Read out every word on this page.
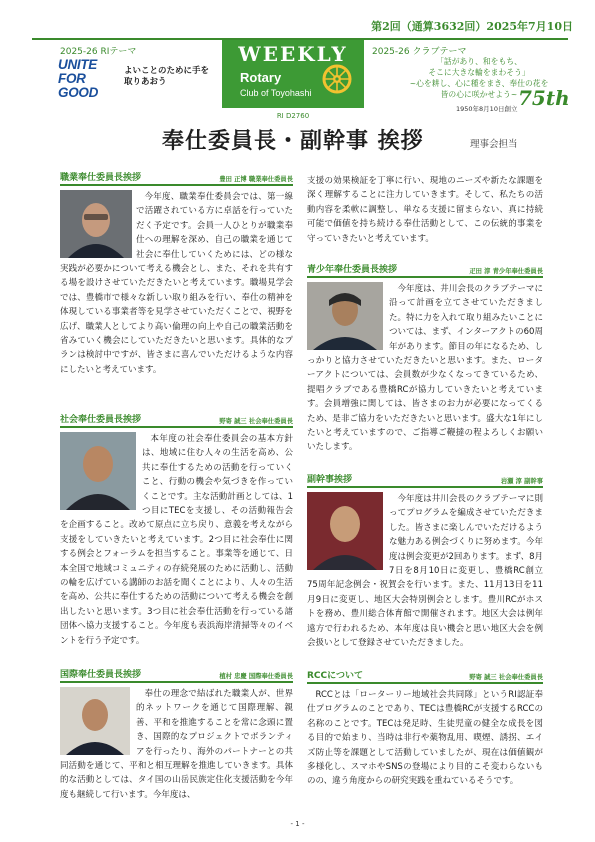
第2回（通算3632回）2025年7月10日
2025-26 RIテーマ
UNITE
FOR
GOOD
よいことのために手を取りあおう
WEEKLY
Rotary
Club of Toyohashi
RI D2760
2025-26 クラブテーマ
「話があり、和をもち、
そこに大きな輪をまわそう」
~心を耕し、心に種をまき、奉仕の花を
皆の心に咲かせよう~ 75th
1950年8月10日創立
奉仕委員長・副幹事 挨拶	理事会担当
職業奉仕委員長挨拶	豊田 正博 職業奉仕委員長

今年度、職業奉仕委員会では、第一線で活躍されている方に卓話を行っていただく予定です。会員一人ひとりが職業奉仕への理解を深め、自己の職業を通じて社会に奉仕していくためには、どの様な実践が必要かについて考える機会とし、また、それを共有する場を設けさせていただきたいと考えています。職場見学会では、豊橋市で様々な新しい取り組みを行い、奉仕の精神を体現している事業者等を見学させていただくことで、視野を広げ、職業人としてより高い倫理の向上や自己の職業活動を省みていく機会にしていただきたいと思います。具体的なプランは検討中ですが、皆さまに喜んでいただけるような内容にしたいと考えています。

社会奉仕委員長挨拶	野寄 誠三 社会奉仕委員長

本年度の社会奉仕委員会の基本方針は、地域に住む人々の生活を高め、公共に奉仕するための活動を行っていくこと、行動の機会や気づきを作っていくことです。主な活動計画としては、1つ目にTECを支援し、その活動報告会を企画すること。改めて原点に立ち戻り、意義を考えながら支援をしていきたいと考えています。2つ目に社会奉仕に関する例会とフォーラムを担当すること。事業等を通じて、日本全国で地域コミュニティの存続発展のために活動し、活動の輪を広げている講師のお話を聞くことにより、人々の生活を高め、公共に奉仕するための活動について考える機会を創出したいと思います。3つ目に社会奉仕活動を行っている諸団体へ協力支援すること。今年度も表浜海岸清掃等々のイベントを行う予定です。

国際奉仕委員長挨拶	植村 忠慶 国際奉仕委員長

奉仕の理念で結ばれた職業人が、世界的ネットワークを通じて国際理解、親善、平和を推進することを常に念頭に置き、国際的なプロジェクトでボランティアを行ったり、海外のパートナーとの共同活動を通じて、平和と相互理解を推進していきます。具体的な活動としては、タイ国の山岳民族定住化支援活動を今年度も継続して行います。今年度は、

支援の効果検証を丁寧に行い、現地のニーズや新たな課題を深く理解することに注力していきます。そして、私たちの活動内容を柔軟に調整し、単なる支援に留まらない、真に持続可能で価値を持ち続ける奉仕活動として、この伝統的事業を守っていきたいと考えています。

青少年奉仕委員長挨拶	疋田 淳 青少年奉仕委員長

今年度は、井川会長のクラブテーマに沿って計画を立てさせていただきました。特に力を入れて取り組みたいことについては、まず、インターアクトの60周年があります。節目の年になるため、しっかりと協力させていただきたいと思います。また、ローターアクトについては、会員数が少なくなってきているため、提唱クラブである豊橋RCが協力していきたいと考えています。会員増強に関しては、皆さまのお力が必要になってくるため、是非ご協力をいただきたいと思います。盛大な1年にしたいと考えていますので、ご指導ご鞭撻の程よろしくお願いいたします。

副幹事挨拶	岩瀬 淳 副幹事

今年度は井川会長のクラブテーマに則ってプログラムを編成させていただきました。皆さまに楽しんでいただけるような魅力ある例会づくりに努めます。今年度は例会変更が2回あります。まず、8月7日を8月10日に変更し、豊橋RC創立75周年記念例会・祝賀会を行います。また、11月13日を11月9日に変更し、地区大会特別例会とします。豊川RCがホストを務め、豊川総合体育館で開催されます。地区大会は例年遠方で行われるため、本年度は良い機会と思い地区大会を例会扱いとして登録させていただきました。

RCCについて	野寄 誠三 社会奉仕委員長

RCCとは「ローターリー地域社会共同隊」というRI認証奉仕プログラムのことであり、TECは豊橋RCが支援するRCCの名称のことです。TECは発足時、生徒児童の健全な成長を図る目的で始まり、当時は非行や薬物乱用、喫煙、誘拐、エイズ防止等を課題として活動していましたが、現在は価値観が多様化し、スマホやSNSの登場により目的こそ変わらないものの、違う角度からの研究実践を重ねているそうです。

- 1 -
